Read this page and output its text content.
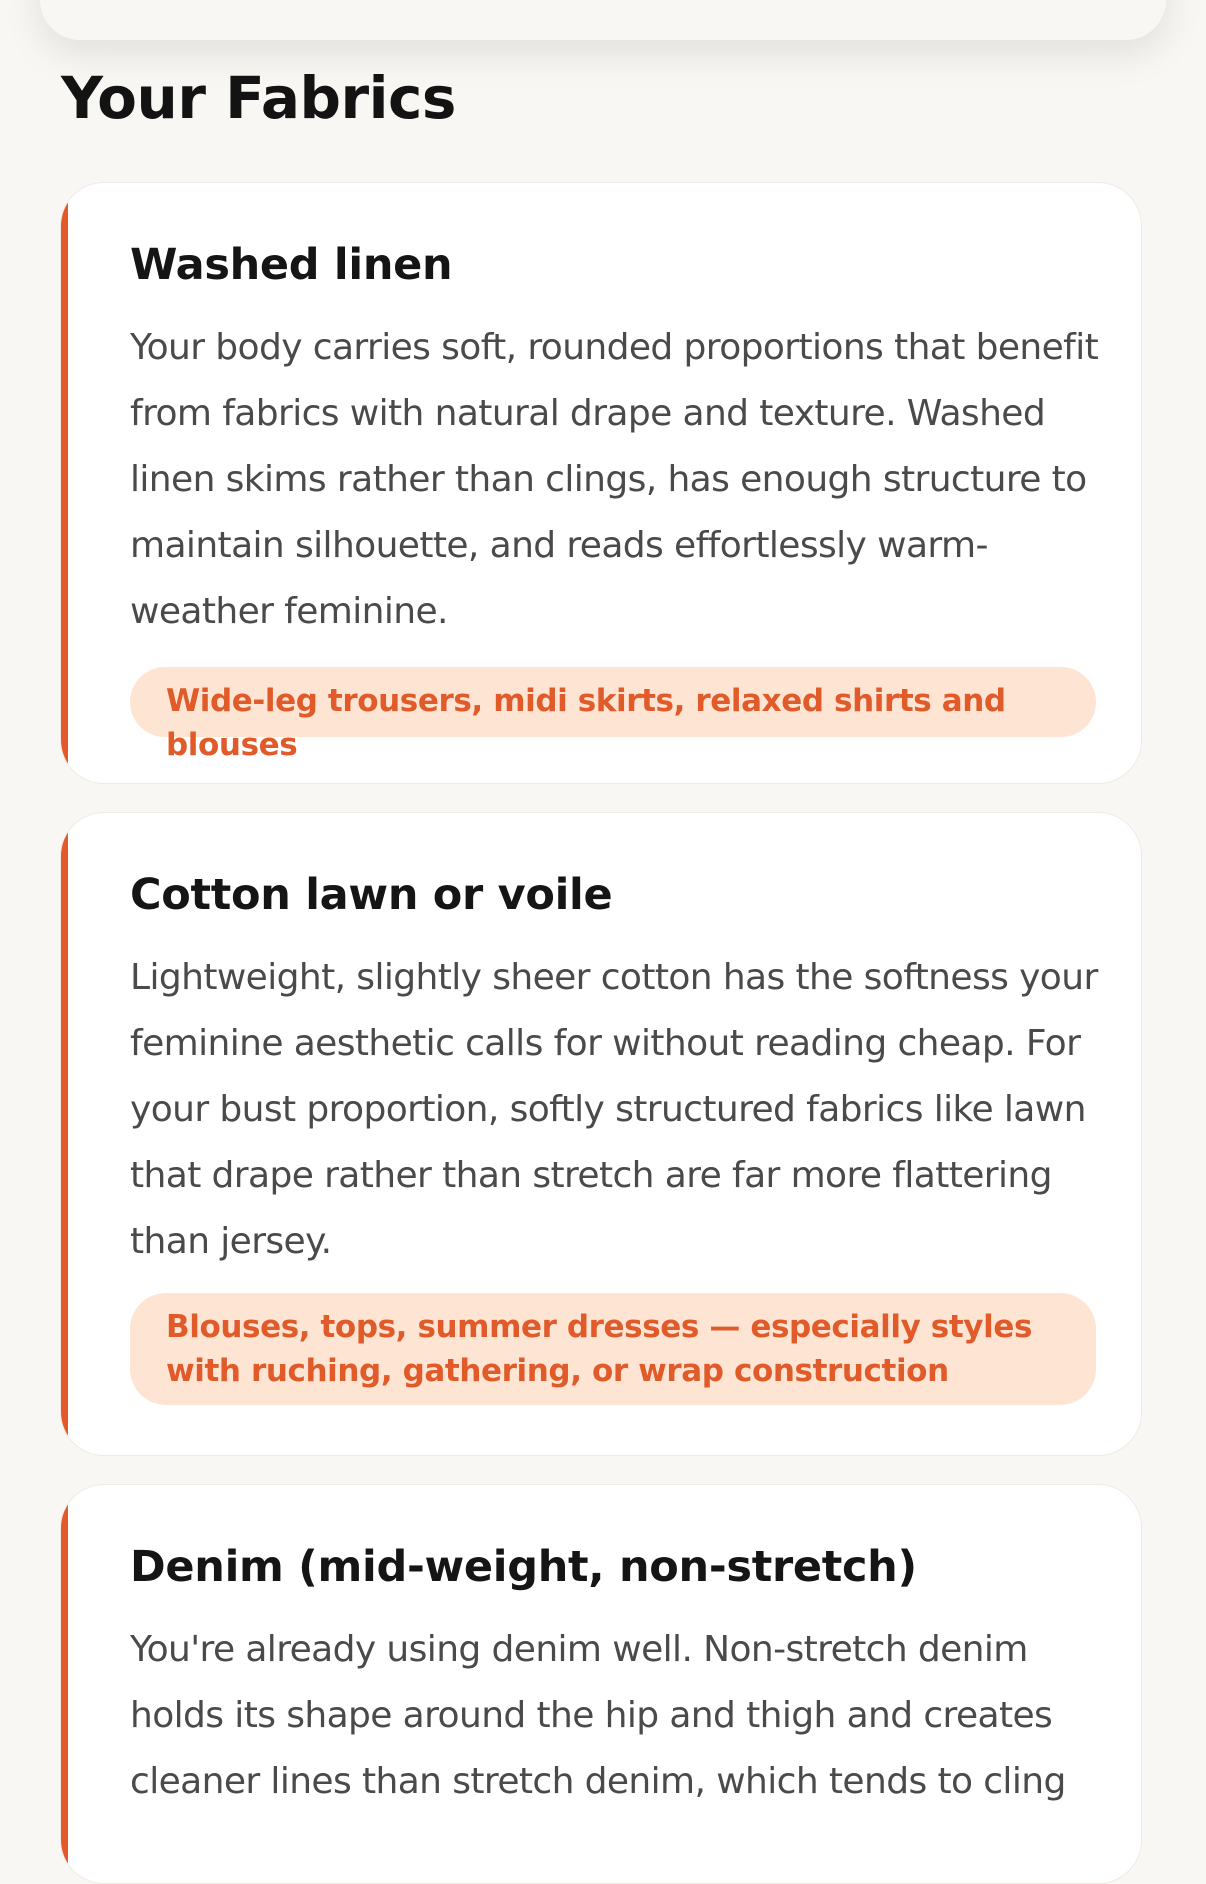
Your Fabrics
Washed linen

Your body carries soft, rounded proportions that benefit from fabrics with natural drape and texture. Washed linen skims rather than clings, has enough structure to maintain silhouette, and reads effortlessly warm-weather feminine.

Wide-leg trousers, midi skirts, relaxed shirts and blouses
Cotton lawn or voile

Lightweight, slightly sheer cotton has the softness your feminine aesthetic calls for without reading cheap. For your bust proportion, softly structured fabrics like lawn that drape rather than stretch are far more flattering than jersey.

Blouses, tops, summer dresses — especially styles with ruching, gathering, or wrap construction
Denim (mid-weight, non-stretch)

You're already using denim well. Non-stretch denim holds its shape around the hip and thigh and creates cleaner lines than stretch denim, which tends to cling
